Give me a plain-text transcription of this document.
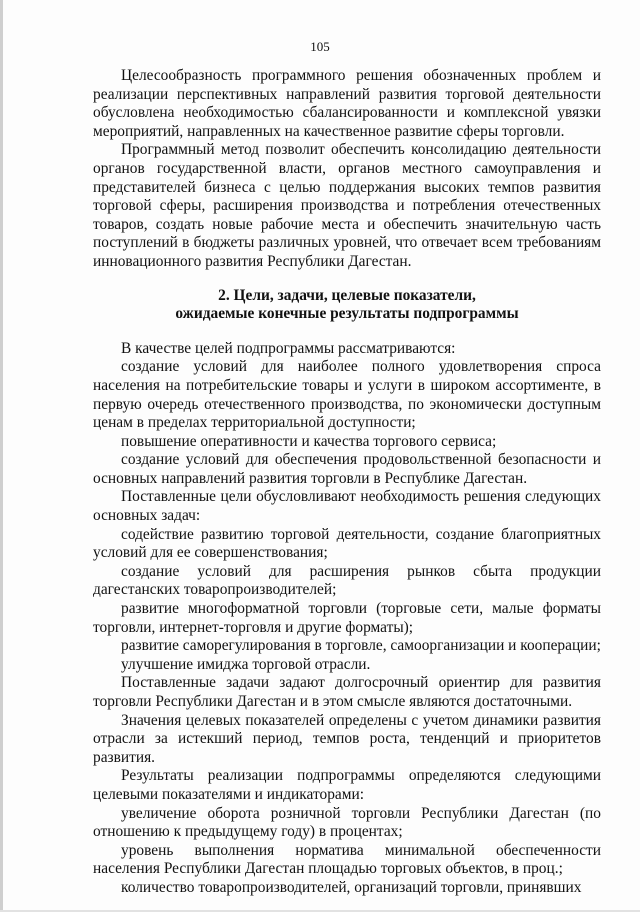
105

Целесообразность программного решения обозначенных проблем и реализации перспективных направлений развития торговой деятельности обусловлена необходимостью сбалансированности и комплексной увязки мероприятий, направленных на качественное развитие сферы торговли.

Программный метод позволит обеспечить консолидацию деятельности органов государственной власти, органов местного самоуправления и представителей бизнеса с целью поддержания высоких темпов развития торговой сферы, расширения производства и потребления отечественных товаров, создать новые рабочие места и обеспечить значительную часть поступлений в бюджеты различных уровней, что отвечает всем требованиям инновационного развития Республики Дагестан.

2. Цели, задачи, целевые показатели,
ожидаемые конечные результаты подпрограммы

В качестве целей подпрограммы рассматриваются:

создание условий для наиболее полного удовлетворения спроса населения на потребительские товары и услуги в широком ассортименте, в первую очередь отечественного производства, по экономически доступным ценам в пределах территориальной доступности;

повышение оперативности и качества торгового сервиса;

создание условий для обеспечения продовольственной безопасности и основных направлений развития торговли в Республике Дагестан.

Поставленные цели обусловливают необходимость решения следующих основных задач:

содействие развитию торговой деятельности, создание благоприятных условий для ее совершенствования;

создание условий для расширения рынков сбыта продукции дагестанских товаропроизводителей;

развитие многоформатной торговли (торговые сети, малые форматы торговли, интернет-торговля и другие форматы);

развитие саморегулирования в торговле, самоорганизации и кооперации;

улучшение имиджа торговой отрасли.

Поставленные задачи задают долгосрочный ориентир для развития торговли Республики Дагестан и в этом смысле являются достаточными.

Значения целевых показателей определены с учетом динамики развития отрасли за истекший период, темпов роста, тенденций и приоритетов развития.

Результаты реализации подпрограммы определяются следующими целевыми показателями и индикаторами:

увеличение оборота розничной торговли Республики Дагестан (по отношению к предыдущему году) в процентах;

уровень выполнения норматива минимальной обеспеченности населения Республики Дагестан площадью торговых объектов, в проц.;

количество товаропроизводителей, организаций торговли, принявших
